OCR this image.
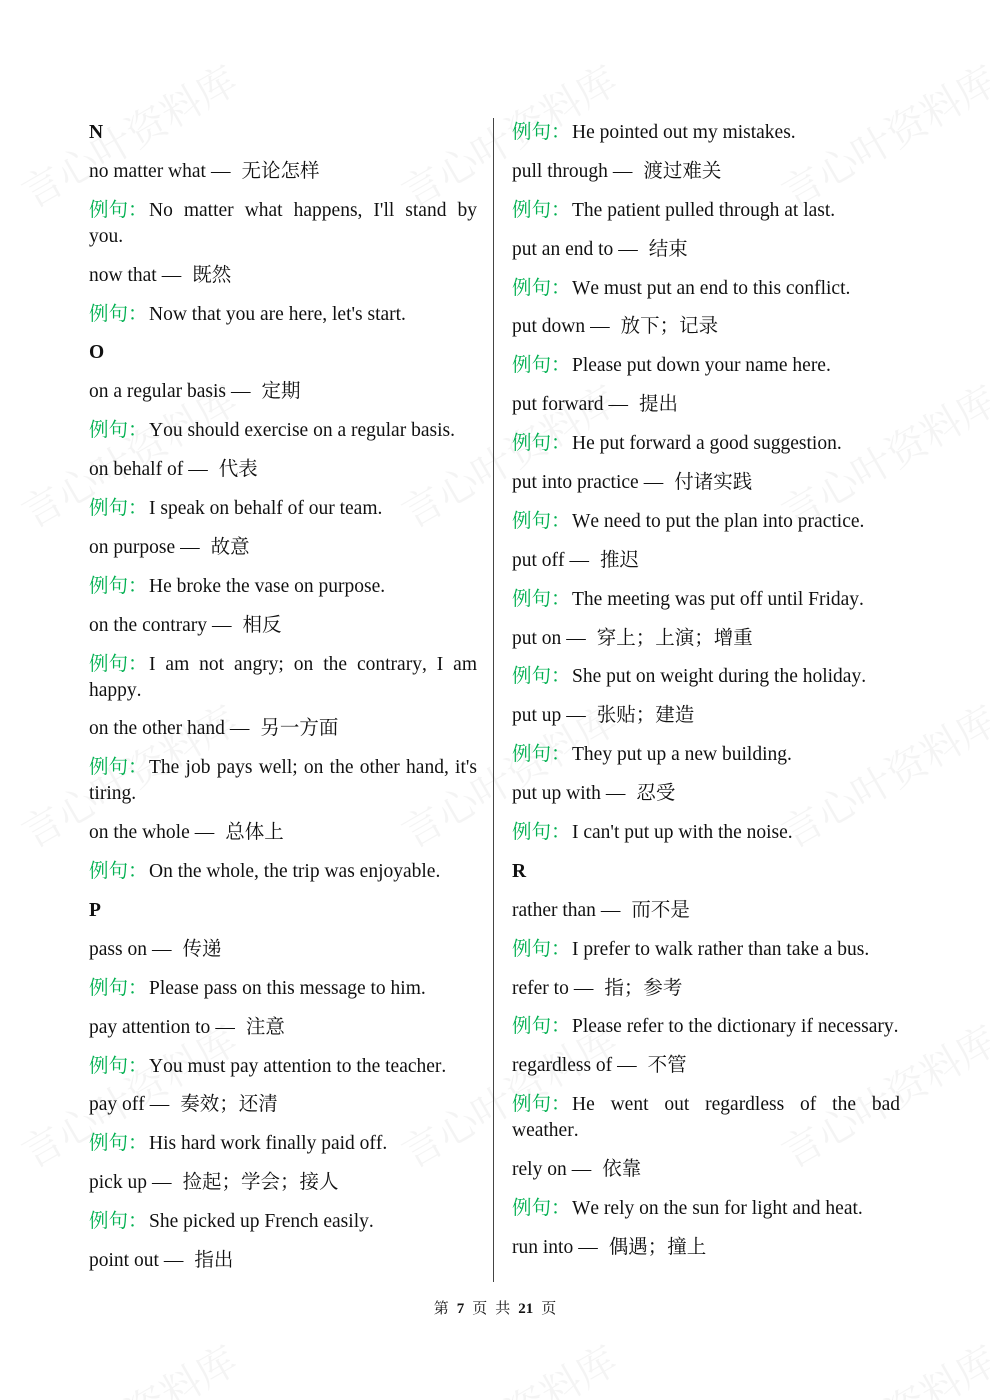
N
no matter what — 无论怎样
例句：No matter what happens, I'll stand by you.
now that — 既然
例句：Now that you are here, let's start.
O
on a regular basis — 定期
例句：You should exercise on a regular basis.
on behalf of — 代表
例句：I speak on behalf of our team.
on purpose — 故意
例句：He broke the vase on purpose.
on the contrary — 相反
例句：I am not angry; on the contrary, I am happy.
on the other hand — 另一方面
例句：The job pays well; on the other hand, it's tiring.
on the whole — 总体上
例句：On the whole, the trip was enjoyable.
P
pass on — 传递
例句：Please pass on this message to him.
pay attention to — 注意
例句：You must pay attention to the teacher.
pay off — 奏效；还清
例句：His hard work finally paid off.
pick up — 捡起；学会；接人
例句：She picked up French easily.
point out — 指出
例句：He pointed out my mistakes.
pull through — 渡过难关
例句：The patient pulled through at last.
put an end to — 结束
例句：We must put an end to this conflict.
put down — 放下；记录
例句：Please put down your name here.
put forward — 提出
例句：He put forward a good suggestion.
put into practice — 付诸实践
例句：We need to put the plan into practice.
put off — 推迟
例句：The meeting was put off until Friday.
put on — 穿上；上演；增重
例句：She put on weight during the holiday.
put up — 张贴；建造
例句：They put up a new building.
put up with — 忍受
例句：I can't put up with the noise.
R
rather than — 而不是
例句：I prefer to walk rather than take a bus.
refer to — 指；参考
例句：Please refer to the dictionary if necessary.
regardless of — 不管
例句：He went out regardless of the bad weather.
rely on — 依靠
例句：We rely on the sun for light and heat.
run into — 偶遇；撞上
第 7 页 共 21 页
